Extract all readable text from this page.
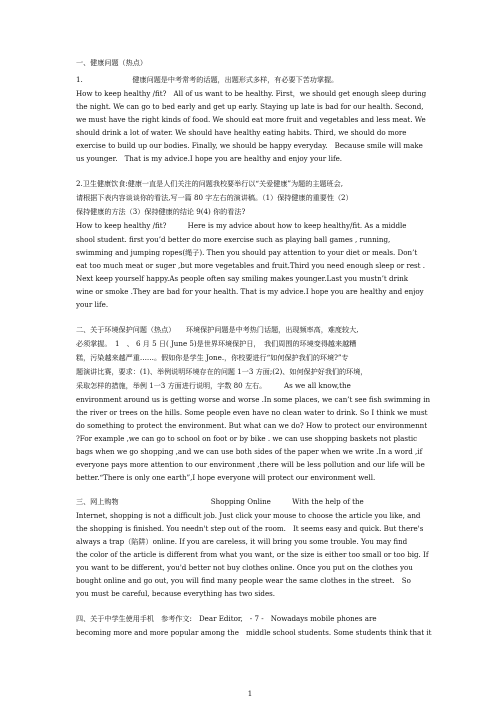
一、健康问题（热点）
1.　　　　　　　健康问题是中考常考的话题，出题形式多样，有必要下苦功掌握。
How to keep healthy /fit?　All of us want to be healthy. First，we should get enough sleep during
the night. We can go to bed early and get up early. Staying up late is bad for our health. Second,
we must have the right kinds of food. We should eat more fruit and vegetables and less meat. We
should drink a lot of water. We should have healthy eating habits. Third, we should do more
exercise to build up our bodies. Finally, we should be happy everyday.　Because smile will make
us younger.　That is my advice.I hope you are healthy and enjoy your life.
2.卫生健康饮食:健康一直是人们关注的问题我校要举行以“关爱健康”为题的主题班会,
请根据下表内容谈谈你的看法,写一篇 80 字左右的演讲稿。（1）保持健康的重要性（2）
保持健康的方法（3）保持健康的结论 9(4) 你的看法?
How to keep healthy /fit?　　　Here is my advice about how to keep healthy/fit. As a middle
shool student. first you’d better do more exercise such as playing ball games , running,
swimming and jumping ropes(绳子). Then you should pay attention to your diet or meals. Don’t
eat too much meat or suger ,but more vegetables and fruit.Third you need enough sleep or rest .
Next keep yourself happy.As people often say smiling makes younger.Last you mustn’t drink
wine or smoke .They are bad for your health. That is my advice.I hope you are healthy and enjoy
your life.
二、关于环境保护问题（热点）　　环境保护问题是中考热门话题，出现频率高，难度较大,
必须掌握。　1　、 6 月 5 日( June 5)是世界环境保护日，　我们周围的环境变得越来越糟
糕，污染越来越严重……。假如你是学生 Jone.，你校要进行“如何保护我们的环境?”专
题演讲比赛，要求：(1)、举例说明环境存在的问题 1一3 方面;(2)、如何保护好我们的环境，
采取怎样的措施，举例 1一3 方面进行说明，字数 80 左右。　　　As we all know,the
environment around us is getting worse and worse .In some places, we can’t see fish swimming in
the river or trees on the hills. Some people even have no clean water to drink. So I think we must
do something to protect the environment. But what can we do? How to protect our environmennt
?For example ,we can go to school on foot or by bike . we can use shopping baskets not plastic
bags when we go shopping ,and we can use both sides of the paper when we write .In a word ,if
everyone pays more attention to our environment ,there will be less pollution and our life will be
better.“There is only one earth”,I hope everyone will protect our environment well.
三、网上购物　　　　　　　　　　　　　Shopping Online　　　With the help of the
Internet, shopping is not a difficult job. Just click your mouse to choose the article you like, and
the shopping is finished. You needn't step out of the room.　It seems easy and quick. But there's
always a trap（陷阱）online. If you are careless, it will bring you some trouble. You may find
the color of the article is different from what you want, or the size is either too small or too big. If
you want to be different, you'd better not buy clothes online. Once you put on the clothes you
bought online and go out, you will find many people wear the same clothes in the street.　So
you must be careful, because everything has two sides.
四、关于中学生使用手机　参考作文:　Dear Editor,　- 7 -　Nowadays mobile phones are
becoming more and more popular among the　middle school students. Some students think that it
1
